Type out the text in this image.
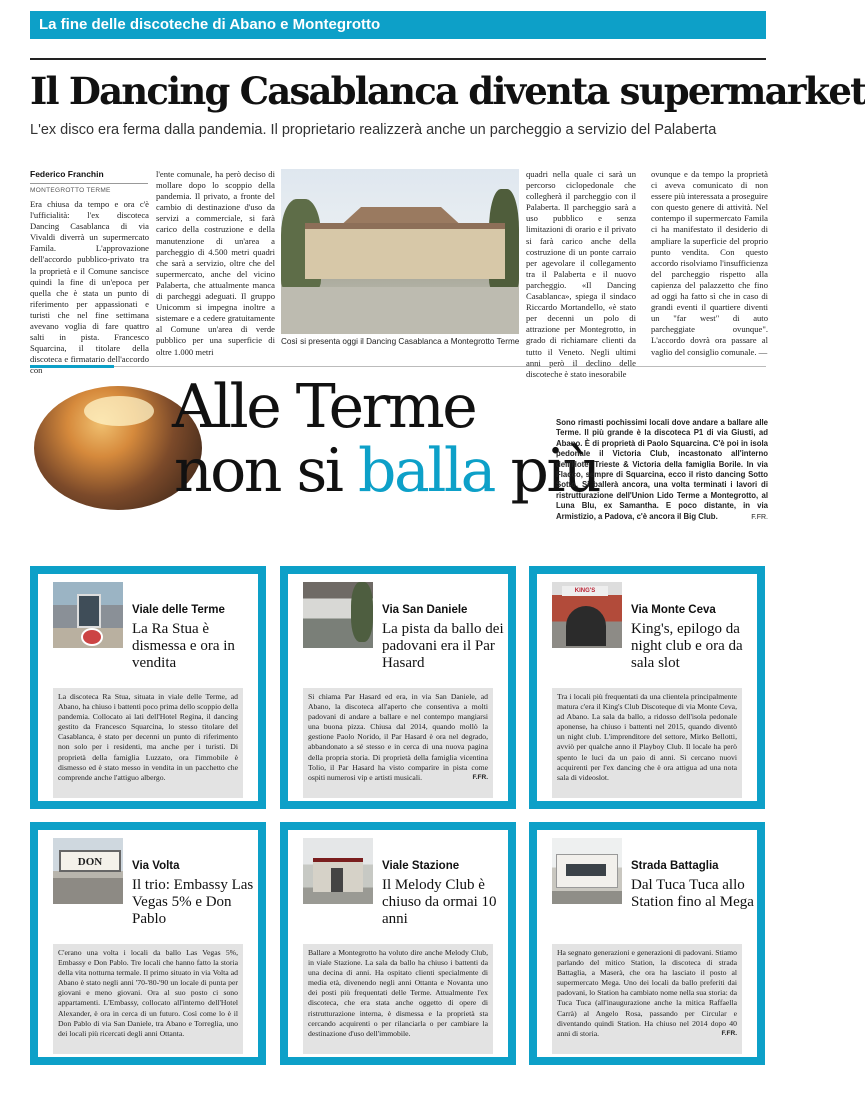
La fine delle discoteche di Abano e Montegrotto
Il Dancing Casablanca diventa supermarket
L'ex disco era ferma dalla pandemia. Il proprietario realizzerà anche un parcheggio a servizio del Palaberta
Federico Franchin
MONTEGROTTO TERME
Era chiusa da tempo e ora c'è l'ufficialità: l'ex discoteca Dancing Casablanca di via Vivaldi diverrà un supermercato Famila. L'approvazione dell'accordo pubblico-privato tra la proprietà e il Comune sancisce quindi la fine di un'epoca per quella che è stata un punto di riferimento per appassionati e turisti che nel fine settimana avevano voglia di fare quattro salti in pista. Francesco Squarcina, il titolare della discoteca e firmatario dell'accordo con
l'ente comunale, ha però deciso di mollare dopo lo scoppio della pandemia. Il privato, a fronte del cambio di destinazione d'uso da servizi a commerciale, si farà carico della costruzione e della manutenzione di un'area a parcheggio di 4.500 metri quadri che sarà a servizio, oltre che del supermercato, anche del vicino Palaberta, che attualmente manca di parcheggi adeguati. Il gruppo Unicomm si impegna inoltre a sistemare e a cedere gratuitamente al Comune un'area di verde pubblico per una superficie di oltre 1.000 metri
Così si presenta oggi il Dancing Casablanca a Montegrotto Terme
quadri nella quale ci sarà un percorso ciclopedonale che collegherà il parcheggio con il Palaberta. Il parcheggio sarà a uso pubblico e senza limitazioni di orario e il privato si farà carico anche della costruzione di un ponte carraio per agevolare il collegamento tra il Palaberta e il nuovo parcheggio. «Il Dancing Casablanca», spiega il sindaco Riccardo Mortandello, «è stato per decenni un polo di attrazione per Montegrotto, in grado di richiamare clienti da tutto il Veneto. Negli ultimi anni però il declino delle discoteche è stato inesorabile
ovunque e da tempo la proprietà ci aveva comunicato di non essere più interessata a proseguire con questo genere di attività. Nel contempo il supermercato Famila ci ha manifestato il desiderio di ampliare la superficie del proprio punto vendita. Con questo accordo risolviamo l'insufficienza del parcheggio rispetto alla capienza del palazzetto che fino ad oggi ha fatto sì che in caso di grandi eventi il quartiere diventi un "far west" di auto parcheggiate ovunque". L'accordo dovrà ora passare al vaglio del consiglio comunale. —
Alle Terme
non si balla più
Sono rimasti pochissimi locali dove andare a ballare alle Terme. Il più grande è la discoteca P1 di via Giusti, ad Abano. È di proprietà di Paolo Squarcina. C'è poi in isola pedonale il Victoria Club, incastonato all'interno dell'Hotel Trieste & Victoria della famiglia Borile. In via Flacco, sempre di Squarcina, ecco il risto dancing Sotto Sotto. Si ballerà ancora, una volta terminati i lavori di ristrutturazione dell'Union Lido Terme a Montegrotto, al Luna Blu, ex Samantha. E poco distante, in via Armistizio, a Padova, c'è ancora il Big Club.	F.FR.
Viale delle Terme
La Ra Stua è dismessa e ora in vendita
La discoteca Ra Stua, situata in viale delle Terme, ad Abano, ha chiuso i battenti poco prima dello scoppio della pandemia. Collocato ai lati dell'Hotel Regina, il dancing gestito da Francesco Squarcina, lo stesso titolare del Casablanca, è stato per decenni un punto di riferimento non solo per i residenti, ma anche per i turisti. Di proprietà della famiglia Luzzato, ora l'immobile è dismesso ed è stato messo in vendita in un pacchetto che comprende anche l'attiguo albergo.
Via San Daniele
La pista da ballo dei padovani era il Par Hasard
Si chiama Par Hasard ed era, in via San Daniele, ad Abano, la discoteca all'aperto che consentiva a molti padovani di andare a ballare e nel contempo mangiarsi una buona pizza. Chiusa dal 2014, quando mollò la gestione Paolo Norido, il Par Hasard è ora nel degrado, abbandonato a sé stesso e in cerca di una nuova pagina della propria storia. Di proprietà della famiglia vicentina Tolio, il Par Hasard ha visto comparire in pista come ospiti numerosi vip e artisti musicali.	F.FR.
KING'S
Via Monte Ceva
King's, epilogo da night club e ora da sala slot
Tra i locali più frequentati da una clientela principalmente matura c'era il King's Club Discoteque di via Monte Ceva, ad Abano. La sala da ballo, a ridosso dell'isola pedonale aponense, ha chiuso i battenti nel 2015, quando diventò un night club. L'imprenditore del settore, Mirko Bellotti, avviò per qualche anno il Playboy Club. Il locale ha però spento le luci da un paio di anni. Si cercano nuovi acquirenti per l'ex dancing che è ora attigua ad una nota sala di videoslot.
DON	Via Volta
Il trio: Embassy Las Vegas 5% e Don Pablo
C'erano una volta i locali da ballo Las Vegas 5%, Embassy e Don Pablo. Tre locali che hanno fatto la storia della vita notturna termale. Il primo situato in via Volta ad Abano è stato negli anni '70-'80-'90 un locale di punta per giovani e meno giovani. Ora al suo posto ci sono appartamenti. L'Embassy, collocato all'interno dell'Hotel Alexander, è ora in cerca di un futuro. Così come lo è il Don Pablo di via San Daniele, tra Abano e Torreglia, uno dei locali più ricercati degli anni Ottanta.
Viale Stazione
Il Melody Club è chiuso da ormai 10 anni
Ballare a Montegrotto ha voluto dire anche Melody Club, in viale Stazione. La sala da ballo ha chiuso i battenti da una decina di anni. Ha ospitato clienti specialmente di media età, divenendo negli anni Ottanta e Novanta uno dei posti più frequentati delle Terme. Attualmente l'ex discoteca, che era stata anche oggetto di opere di ristrutturazione interna, è dismessa e la proprietà sta cercando acquirenti o per rilanciarla o per cambiare la destinazione d'uso dell'immobile.
Strada Battaglia
Dal Tuca Tuca allo Station fino al Mega
Ha segnato generazioni e generazioni di padovani. Stiamo parlando del mitico Station, la discoteca di strada Battaglia, a Maserà, che ora ha lasciato il posto al supermercato Mega. Uno dei locali da ballo preferiti dai padovani, lo Station ha cambiato nome nella sua storia: da Tuca Tuca (all'inaugurazione anche la mitica Raffaella Carrà) al Angelo Rosa, passando per Circular e diventando quindi Station. Ha chiuso nel 2014 dopo 40 anni di storia.	F.FR.
